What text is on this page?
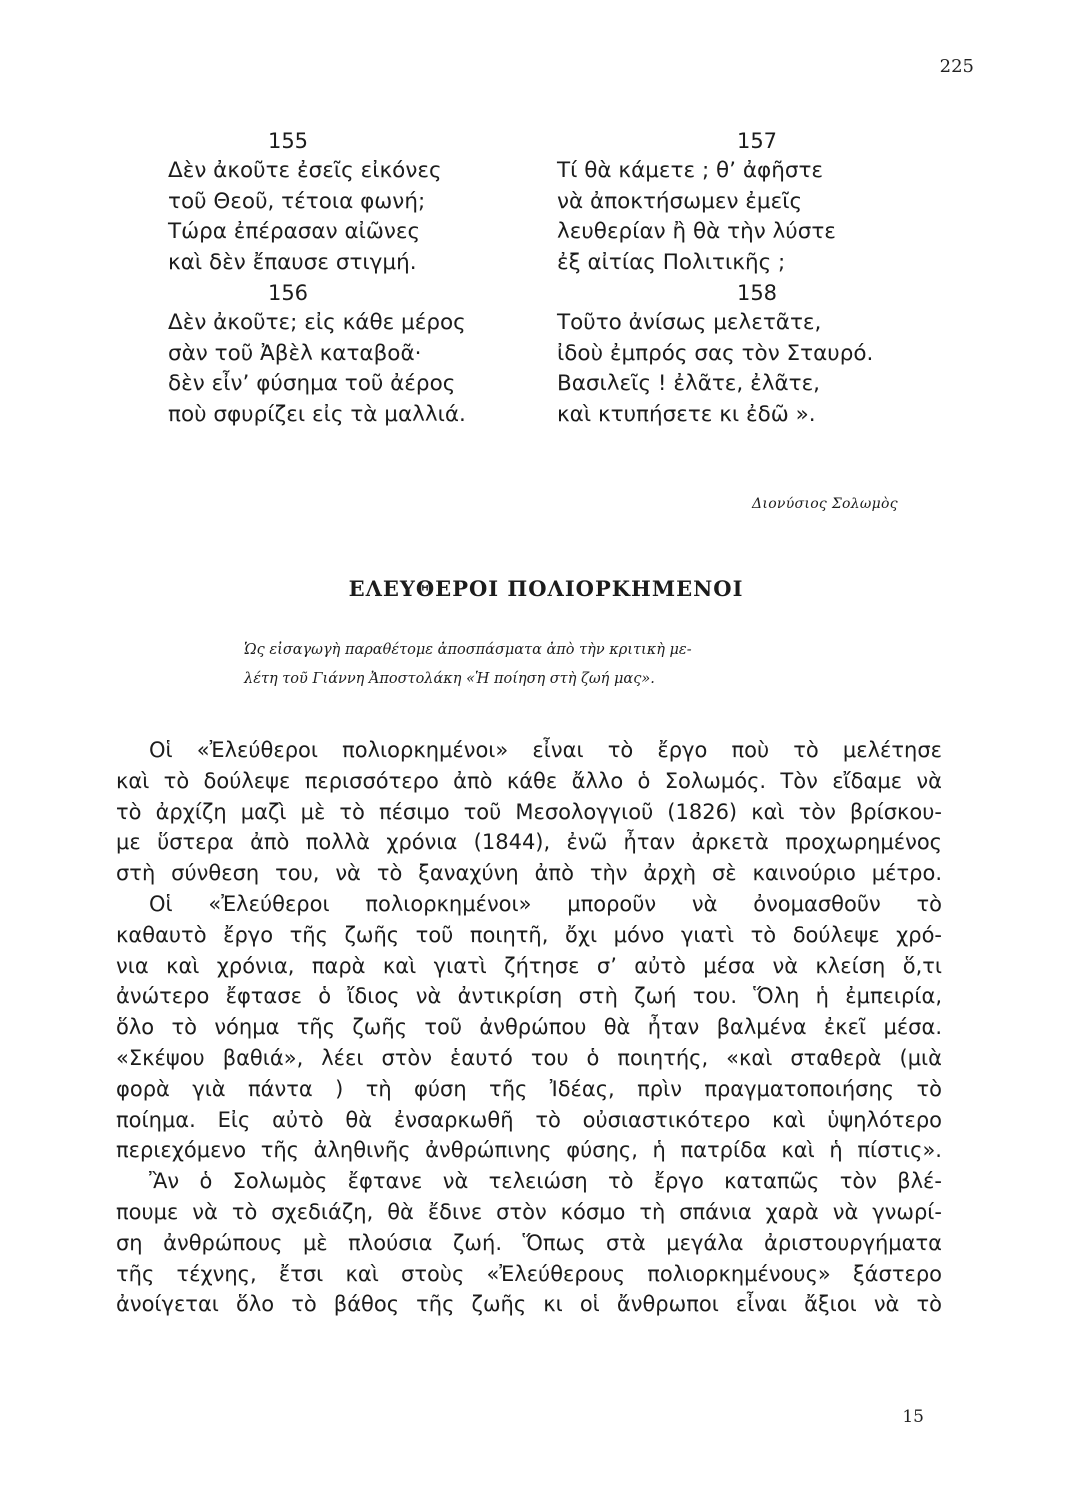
225
155
Δὲν ἀκοῦτε ἐσεῖς εἰκόνες
τοῦ Θεοῦ, τέτοια φωνή;
Τώρα ἐπέρασαν αἰῶνες
καὶ δὲν ἔπαυσε στιγμή.
156
Δὲν ἀκοῦτε; εἰς κάθε μέρος
σὰν τοῦ Ἀβὲλ καταβοᾶ·
δὲν εἶν’ φύσημα τοῦ ἀέρος
ποὺ σφυρίζει εἰς τὰ μαλλιά.
157
Τί θὰ κάμετε ; θ’ ἀφῆστε
νὰ ἀποκτήσωμεν ἐμεῖς
λευθερίαν ἢ θὰ τὴν λύστε
ἐξ αἰτίας Πολιτικῆς ;
158
Τοῦτο ἀνίσως μελετᾶτε,
ἰδοὺ ἐμπρός σας τὸν Σταυρό.
Βασιλεῖς ! ἐλᾶτε, ἐλᾶτε,
καὶ κτυπήσετε κι ἐδῶ ».
Διονύσιος Σολωμὸς
ΕΛΕΥΘΕΡΟΙ ΠΟΛΙΟΡΚΗΜΕΝΟΙ
Ὡς εἰσαγωγὴ παραθέτομε ἀποσπάσματα ἀπὸ τὴν κριτικὴ με-
λέτη τοῦ Γιάννη Ἀποστολάκη «Ἡ ποίηση στὴ ζωή μας».
Οἱ «Ἐλεύθεροι πολιορκημένοι» εἶναι τὸ ἔργο ποὺ τὸ μελέτησε
καὶ τὸ δούλεψε περισσότερο ἀπὸ κάθε ἄλλο ὁ Σολωμός. Τὸν εἴδαμε νὰ
τὸ ἀρχίζη μαζὶ μὲ τὸ πέσιμο τοῦ Μεσολογγιοῦ (1826) καὶ τὸν βρίσκου-
με ὕστερα ἀπὸ πολλὰ χρόνια (1844), ἐνῶ ἦταν ἀρκετὰ προχωρημένος
στὴ σύνθεση του, νὰ τὸ ξαναχύνη ἀπὸ τὴν ἀρχὴ σὲ καινούριο μέτρο.
Οἱ «Ἐλεύθεροι πολιορκημένοι» μποροῦν νὰ ὀνομασθοῦν τὸ
καθαυτὸ ἔργο τῆς ζωῆς τοῦ ποιητῆ, ὄχι μόνο γιατὶ τὸ δούλεψε χρό-
νια καὶ χρόνια, παρὰ καὶ γιατὶ ζήτησε σ’ αὐτὸ μέσα νὰ κλείση ὅ,τι
ἀνώτερο ἔφτασε ὁ ἴδιος νὰ ἀντικρίση στὴ ζωή του. Ὅλη ἡ ἐμπειρία,
ὅλο τὸ νόημα τῆς ζωῆς τοῦ ἀνθρώπου θὰ ἦταν βαλμένα ἐκεῖ μέσα.
«Σκέψου βαθιά», λέει στὸν ἑαυτό του ὁ ποιητής, «καὶ σταθερὰ (μιὰ
φορὰ γιὰ πάντα ) τὴ φύση τῆς Ἰδέας, πρὶν πραγματοποιήσης τὸ
ποίημα. Εἰς αὐτὸ θὰ ἐνσαρκωθῆ τὸ οὐσιαστικότερο καὶ ὑψηλότερο
περιεχόμενο τῆς ἀληθινῆς ἀνθρώπινης φύσης, ἡ πατρίδα καὶ ἡ πίστις».
Ἂν ὁ Σολωμὸς ἔφτανε νὰ τελειώση τὸ ἔργο καταπῶς τὸν βλέ-
πουμε νὰ τὸ σχεδιάζη, θὰ ἔδινε στὸν κόσμο τὴ σπάνια χαρὰ νὰ γνωρί-
ση ἀνθρώπους μὲ πλούσια ζωή. Ὅπως στὰ μεγάλα ἀριστουργήματα
τῆς τέχνης, ἔτσι καὶ στοὺς «Ἐλεύθερους πολιορκημένους» ξάστερο
ἀνοίγεται ὅλο τὸ βάθος τῆς ζωῆς κι οἱ ἄνθρωποι εἶναι ἄξιοι νὰ τὸ
15
